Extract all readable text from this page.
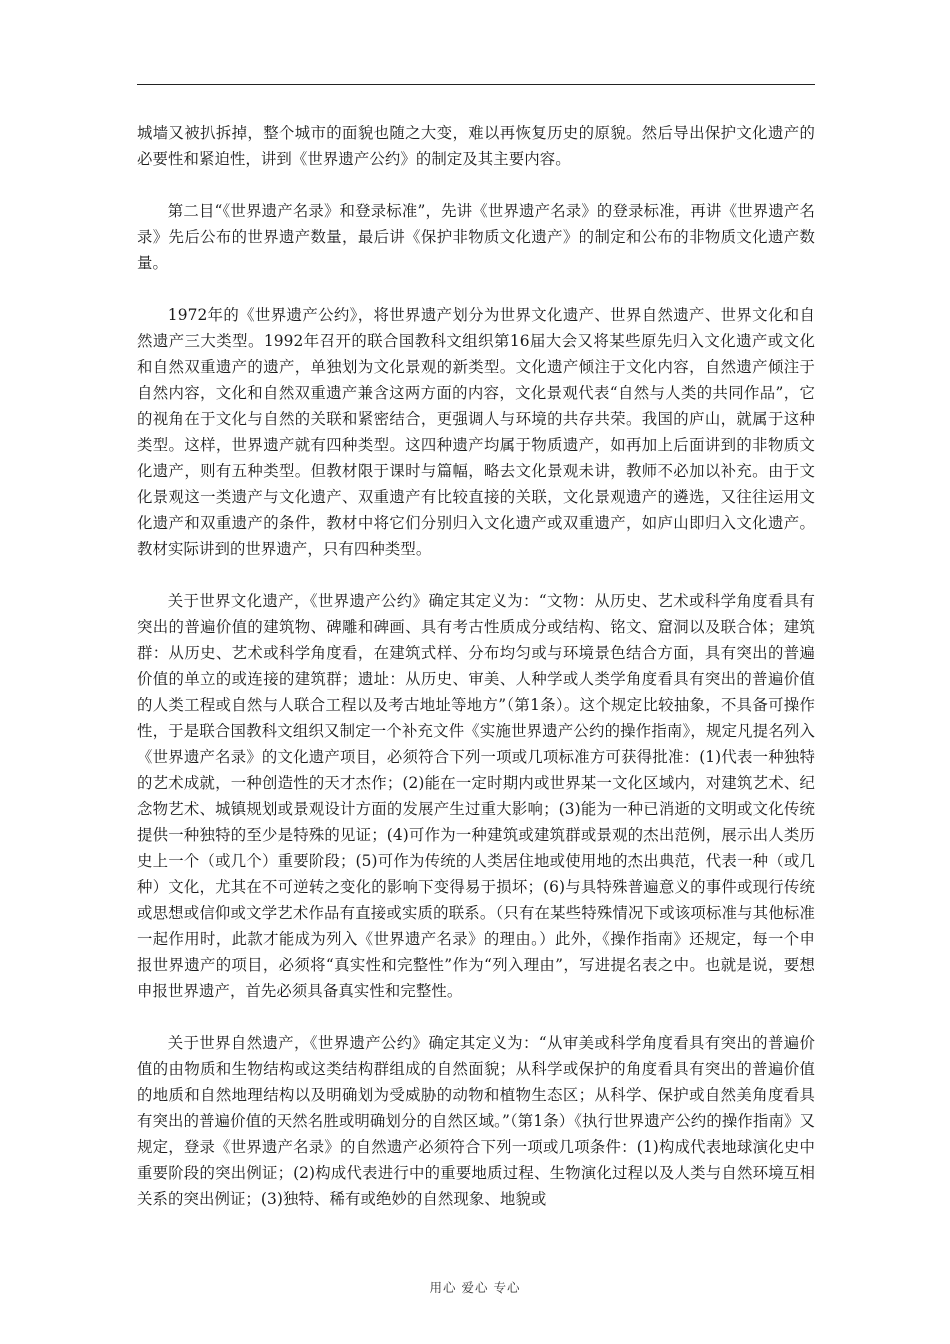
城墙又被扒拆掉，整个城市的面貌也随之大变，难以再恢复历史的原貌。然后导出保护文化遗产的必要性和紧迫性，讲到《世界遗产公约》的制定及其主要内容。

第二目“《世界遗产名录》和登录标准”，先讲《世界遗产名录》的登录标准，再讲《世界遗产名录》先后公布的世界遗产数量，最后讲《保护非物质文化遗产》的制定和公布的非物质文化遗产数量。

1972年的《世界遗产公约》，将世界遗产划分为世界文化遗产、世界自然遗产、世界文化和自然遗产三大类型。1992年召开的联合国教科文组织第16届大会又将某些原先归入文化遗产或文化和自然双重遗产的遗产，单独划为文化景观的新类型。文化遗产倾注于文化内容，自然遗产倾注于自然内容，文化和自然双重遗产兼含这两方面的内容，文化景观代表“自然与人类的共同作品”，它的视角在于文化与自然的关联和紧密结合，更强调人与环境的共存共荣。我国的庐山，就属于这种类型。这样，世界遗产就有四种类型。这四种遗产均属于物质遗产，如再加上后面讲到的非物质文化遗产，则有五种类型。但教材限于课时与篇幅，略去文化景观未讲，教师不必加以补充。由于文化景观这一类遗产与文化遗产、双重遗产有比较直接的关联，文化景观遗产的遴选，又往往运用文化遗产和双重遗产的条件，教材中将它们分别归入文化遗产或双重遗产，如庐山即归入文化遗产。教材实际讲到的世界遗产，只有四种类型。

关于世界文化遗产，《世界遗产公约》确定其定义为：“文物：从历史、艺术或科学角度看具有突出的普遍价值的建筑物、碑雕和碑画、具有考古性质成分或结构、铭文、窟洞以及联合体；建筑群：从历史、艺术或科学角度看，在建筑式样、分布均匀或与环境景色结合方面，具有突出的普遍价值的单立的或连接的建筑群；遗址：从历史、审美、人种学或人类学角度看具有突出的普遍价值的人类工程或自然与人联合工程以及考古地址等地方”（第1条）。这个规定比较抽象，不具备可操作性，于是联合国教科文组织又制定一个补充文件《实施世界遗产公约的操作指南》，规定凡提名列入《世界遗产名录》的文化遗产项目，必须符合下列一项或几项标准方可获得批准：(1)代表一种独特的艺术成就，一种创造性的天才杰作；(2)能在一定时期内或世界某一文化区域内，对建筑艺术、纪念物艺术、城镇规划或景观设计方面的发展产生过重大影响；(3)能为一种已消逝的文明或文化传统提供一种独特的至少是特殊的见证；(4)可作为一种建筑或建筑群或景观的杰出范例，展示出人类历史上一个（或几个）重要阶段；(5)可作为传统的人类居住地或使用地的杰出典范，代表一种（或几种）文化，尤其在不可逆转之变化的影响下变得易于损坏；(6)与具特殊普遍意义的事件或现行传统或思想或信仰或文学艺术作品有直接或实质的联系。（只有在某些特殊情况下或该项标准与其他标准一起作用时，此款才能成为列入《世界遗产名录》的理由。）此外，《操作指南》还规定，每一个申报世界遗产的项目，必须将“真实性和完整性”作为“列入理由”，写进提名表之中。也就是说，要想申报世界遗产，首先必须具备真实性和完整性。

关于世界自然遗产，《世界遗产公约》确定其定义为：“从审美或科学角度看具有突出的普遍价值的由物质和生物结构或这类结构群组成的自然面貌；从科学或保护的角度看具有突出的普遍价值的地质和自然地理结构以及明确划为受威胁的动物和植物生态区；从科学、保护或自然美角度看具有突出的普遍价值的天然名胜或明确划分的自然区域。”（第1条）《执行世界遗产公约的操作指南》又规定，登录《世界遗产名录》的自然遗产必须符合下列一项或几项条件：(1)构成代表地球演化史中重要阶段的突出例证；(2)构成代表进行中的重要地质过程、生物演化过程以及人类与自然环境互相关系的突出例证；(3)独特、稀有或绝妙的自然现象、地貌或

用心 爱心 专心
